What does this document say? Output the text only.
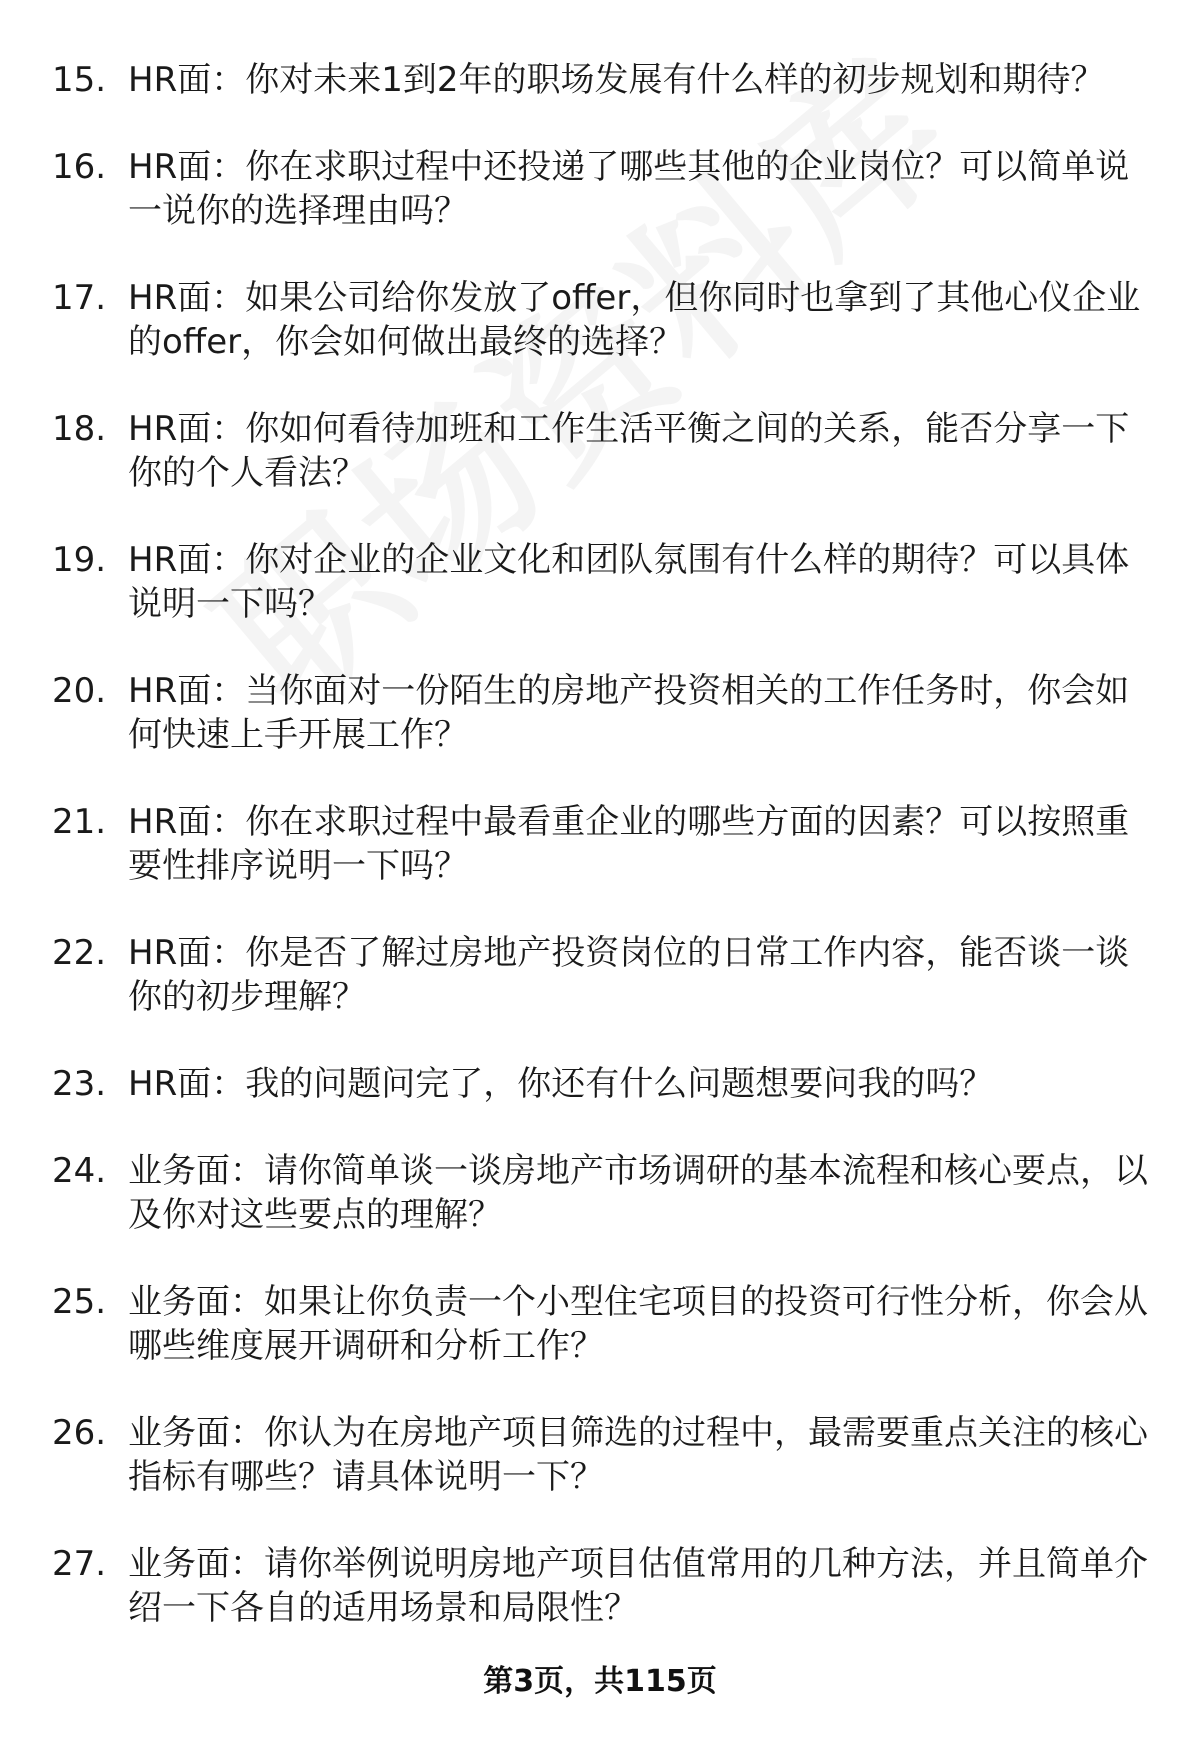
15. HR面：你对未来1到2年的职场发展有什么样的初步规划和期待？
16. HR面：你在求职过程中还投递了哪些其他的企业岗位？可以简单说一说你的选择理由吗？
17. HR面：如果公司给你发放了offer，但你同时也拿到了其他心仪企业的offer，你会如何做出最终的选择？
18. HR面：你如何看待加班和工作生活平衡之间的关系，能否分享一下你的个人看法？
19. HR面：你对企业的企业文化和团队氛围有什么样的期待？可以具体说明一下吗？
20. HR面：当你面对一份陌生的房地产投资相关的工作任务时，你会如何快速上手开展工作？
21. HR面：你在求职过程中最看重企业的哪些方面的因素？可以按照重要性排序说明一下吗？
22. HR面：你是否了解过房地产投资岗位的日常工作内容，能否谈一谈你的初步理解？
23. HR面：我的问题问完了，你还有什么问题想要问我的吗？
24. 业务面：请你简单谈一谈房地产市场调研的基本流程和核心要点，以及你对这些要点的理解？
25. 业务面：如果让你负责一个小型住宅项目的投资可行性分析，你会从哪些维度展开调研和分析工作？
26. 业务面：你认为在房地产项目筛选的过程中，最需要重点关注的核心指标有哪些？请具体说明一下？
27. 业务面：请你举例说明房地产项目估值常用的几种方法，并且简单介绍一下各自的适用场景和局限性？
第3页，共115页
